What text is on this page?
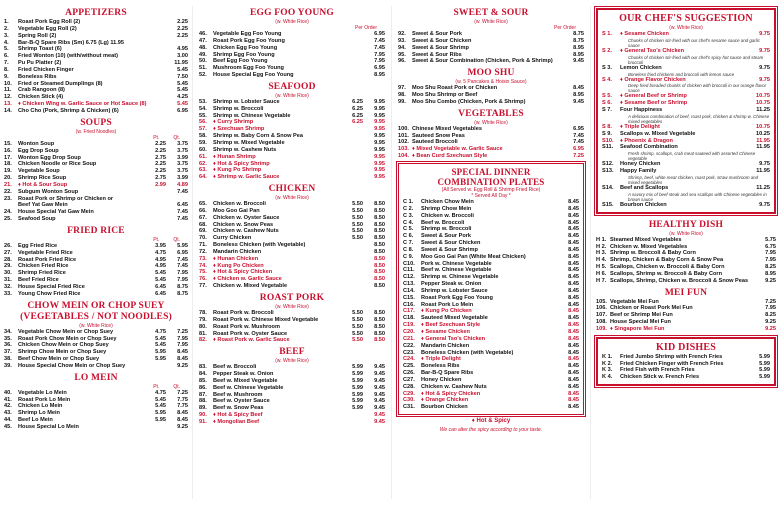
APPETIZERS
1.	Roast Pork Egg Roll (2)	2.25
2.	Vegetable Egg Roll (2)	2.25
3.	Spring Roll (2)	2.25
4.	Bar-B-Q Spare Ribs (Sm) 6.75 (Lg) 11.95
5.	Shrimp Toast (6)	4.95
6.	Fried Wonton (10) (with/without meat)	3.00
7.	Pu Pu Platter (2)	11.95
8.	Fried Chicken Finger	5.45
9.	Boneless Ribs	7.50
10.	Fried or Steamed Dumplings (8)	5.45
11.	Crab Rangoon (8)	5.45
12.	Chicken Stick (4)	4.25
13.	♦ Chicken Wing w. Garlic Sauce or Hot Sauce (8)	5.45
14.	Cho Cho (Pork, Shrimp & Chicken) (6)	6.95
SOUPS
(w. Fried Noodles)
Pt.	Qt.
15.	Wonton Soup	2.25	3.75
16.	Egg Drop Soup	2.25	3.75
17.	Wonton Egg Drop Soup	2.75	3.99
18.	Chicken Noodle or Rice Soup	2.25	3.75
19.	Vegetable Soup	2.25	3.75
20.	Shrimp Rice Soup	2.75	3.99
21.	♦ Hot & Sour Soup	2.99	4.89
22.	Subgum Wonton Soup	7.45
23.	Roast Pork or Shrimp or Chicken or
Beef Yat Gaw Mein	6.45
24.	House Special Yat Gaw Mein	7.45
25.	Seafood Soup	7.45
FRIED RICE
Pt.	Qt.
26.	Egg Fried Rice	3.95	5.95
27.	Vegetable Fried Rice	4.75	6.95
28.	Roast Pork Fried Rice	4.95	7.45
29.	Chicken Fried Rice	4.95	7.45
30.	Shrimp Fried Rice	5.45	7.95
31.	Beef Fried Rice	5.45	7.95
32.	House Special Fried Rice	6.45	8.75
33.	Young Chow Fried Rice	6.45	8.75
CHOW MEIN OR CHOP SUEY
(VEGETABLES / NOT NOODLES)
(w. White Rice)
34.	Vegetable Chow Mein or Chop Suey	4.75	7.25
35.	Roast Pork Chow Mein or Chop Suey	5.45	7.95
36.	Chicken Chow Mein or Chop Suey	5.45	7.95
37.	Shrimp Chow Mein or Chop Suey	5.95	8.45
38.	Beef Chow Mein or Chop Suey	5.95	8.45
39.	House Special Chow Mein or Chop Suey	9.25
LO MEIN
Pt.	Qt.
40.	Vegetable Lo Mein	4.75	7.25
41.	Roast Pork Lo Mein	5.45	7.75
42.	Chicken Lo Mein	5.45	7.75
43.	Shrimp Lo Mein	5.95	8.45
44.	Beef Lo Mein	5.95	8.45
45.	House Special Lo Mein	9.25
EGG FOO YOUNG
(w. White Rice)
Per Order
46.	Vegetable Egg Foo Young	6.95
47.	Roast Pork Egg Foo Young	7.45
48.	Chicken Egg Foo Young	7.45
49.	Shrimp Egg Foo Young	7.95
50.	Beef Egg Foo Young	7.95
51.	Mushroom Egg Foo Young	6.95
52.	House Special Egg Foo Young	8.95
SEAFOOD
(w. White Rice)
53.	Shrimp w. Lobster Sauce	6.25	9.95
54.	Shrimp w. Broccoli	6.25	9.95
55.	Shrimp w. Chinese Vegetable	6.25	9.95
56.	♦ Curry Shrimp	6.25	9.95
57.	♦ Szechuan Shrimp	9.95
58.	Shrimp w. Baby Corn & Snow Pea	9.95
59.	Shrimp w. Mixed Vegetable	9.95
60.	Shrimp w. Cashew Nuts	9.95
61.	♦ Hunan Shrimp	9.95
62.	♦ Hot & Spicy Shrimp	9.95
63.	♦ Kung Po Shrimp	9.95
64.	♦ Shrimp w. Garlic Sauce	9.95
CHICKEN
(w. White Rice)
65.	Chicken w. Broccoli	5.50	8.50
66.	Moo Goo Gai Pan	5.50	8.50
67.	Chicken w. Oyster Sauce	5.50	8.50
68.	Chicken w. Snow Peas	5.50	8.50
69.	Chicken w. Cashew Nuts	5.50	8.50
70.	Curry Chicken	5.50	8.50
71.	Boneless Chicken (with Vegetable)	8.50
72.	Mandarin Chicken	8.50
73.	♦ Hunan Chicken	8.50
74.	♦ Kung Po Chicken	8.50
75.	♦ Hot & Spicy Chicken	8.50
76.	♦ Chicken w. Garlic Sauce	8.50
77.	Chicken w. Mixed Vegetable	8.50
ROAST PORK
(w. White Rice)
78.	Roast Pork w. Broccoli	5.50	8.50
79.	Roast Pork w. Chinese Mixed Vegetable	5.50	8.50
80.	Roast Pork w. Mushroom	5.50	8.50
81.	Roast Pork w. Oyster Sauce	5.50	8.50
82.	♦ Roast Pork w. Garlic Sauce	5.50	8.50
BEEF
(w. White Rice)
83.	Beef w. Broccoli	5.99	9.45
84.	Pepper Steak w. Onion	5.99	9.45
85.	Beef w. Mixed Vegetable	5.99	9.45
86.	Beef w. Chinese Vegetable	5.99	9.45
87.	Beef w. Mushroom	5.99	9.45
88.	Beef w. Oyster Sauce	5.99	9.45
89.	Beef w. Snow Peas	5.99	9.45
90.	♦ Hot & Spicy Beef	9.45
91.	♦ Mongolian Beef	9.45
SWEET & SOUR
(w. White Rice)
Per Order
92.	Sweet & Sour Pork	8.75
93.	Sweet & Sour Chicken	8.75
94.	Sweet & Sour Shrimp	8.95
95.	Sweet & Sour Ribs	8.95
96.	Sweet & Sour Combination (Chicken, Pork & Shrimp)	9.45
MOO SHU
(w. 5 Pancakes & Hoisin Sauce)
97.	Moo Shu Roast Pork or Chicken	8.45
98.	Moo Shu Shrimp or Beef	8.95
99.	Moo Shu Combo (Chicken, Pork & Shrimp)	9.45
VEGETABLES
(w. White Rice)
100. Chinese Mixed Vegetables	6.95
101. Sauteed Snow Peas	7.45
102. Sauteed Broccoli	7.45
103. ♦ Mixed Vegetable w. Garlic Sauce	6.95
104. ♦ Bean Curd Szechuan Style	7.25
SPECIAL DINNER
COMBINATION PLATES
(All Served w. Egg Roll & Shrimp Fried Rice)
* Served All Day *
C 1.	Chicken Chow Mein	8.45
C 2.	Shrimp Chow Mein	8.45
C 3.	Chicken w. Broccoli	8.45
C 4.	Beef w. Broccoli	8.45
C 5.	Shrimp w. Broccoli	8.45
C 6.	Sweet & Sour Pork	8.45
C 7.	Sweet & Sour Chicken	8.45
C 8.	Sweet & Sour Shrimp	8.45
C 9.	Moo Goo Gai Pan (White Meat Chicken)	8.45
C10.	Pork w. Chinese Vegetable	8.45
C11.	Beef w. Chinese Vegetable	8.45
C12.	Shrimp w. Chinese Vegetable	8.45
C13.	Pepper Steak w. Onion	8.45
C14.	Shrimp w. Lobster Sauce	8.45
C15.	Roast Pork Egg Foo Young	8.45
C16.	Roast Pork Lo Mein	8.45
C17.	♦ Kung Po Chicken	8.45
C18.	Sauteed Mixed Vegetable	8.45
C19.	♦ Beef Szechuan Style	8.45
C20.	♦ Sesame Chicken	8.45
C21.	♦ General Tso's Chicken	8.45
C22.	Mandarin Chicken	8.45
C23.	Boneless Chicken (with Vegetable)	8.45
C24.	♦ Triple Delight	8.45
C25.	Boneless Ribs	8.45
C26.	Bar-B-Q Spare Ribs	8.45
C27.	Honey Chicken	8.45
C28.	Chicken w. Cashew Nuts	8.45
C29.	♦ Hot & Spicy Chicken	8.45
C30.	♦ Orange Chicken	8.45
C31.	Bourbon Chicken	8.45
♦ Hot & Spicy
We can alter the spicy according to your taste.
OUR CHEF'S SUGGESTION
(w. White Rice)
S 1.	♦ Sesame Chicken	9.75
Chunks of chicken stir-fried with our chef's sesame sauce and garlic sauce
S 2.	♦ General Tso's Chicken	9.75
Chunks of chicken stir-fried with our chef's spicy hot sauce and steam broccoli
S 3.	Lemon Chicken	9.75
Boneless fried chickens and broccoli with lemon sauce
S 4.	♦ Orange Flavor Chicken	9.75
Deep fried breaded chunks of chicken with broccoli in our orange flavor sauce
S 5.	♦ General Beef or Shrimp	10.75
S 6.	♦ Sesame Beef or Shrimp	10.75
S 7.	Four Happiness	11.25
A delicious combination of beef, roast pork, chicken & shrimp w. Chinese mixed vegetables
S 8.	♦ Triple Delight	10.75
S 9.	Scallops w. Mixed Vegetable	10.25
S10.	♦ Phoenix & Dragon	11.95
S11.	Seafood Combination	11.95
Fresh shrimp, scallops, crab meat sauteed with assorted Chinese vegetable
S12.	Honey Chicken	9.75
S13.	Happy Family	11.95
Shrimp, beef, white meat chicken, roast pork, straw mushroom and mixed vegetables
S14.	Beef and Scallops	11.25
A savory mix of beef steak and sea scallops with Chinese vegetables in brown sauce
S15.	Bourbon Chicken	9.75
HEALTHY DISH
(w. White Rice)
H 1. Steamed Mixed Vegetables	5.75
H 2. Chicken w. Mixed Vegetables	6.75
H 3. Shrimp w. Broccoli & Baby Corn	7.95
H 4. Shrimp, Chicken & Baby Corn & Snow Pea	7.95
H 5. Scallops, Chicken w. Broccoli & Baby Corn	8.25
H 6. Scallops, Shrimp w. Broccoli & Baby Corn	8.95
H 7. Scallops, Shrimp, Chicken w. Broccoli & Snow Peas	9.25
MEI FUN
105. Vegetable Mei Fun	7.25
106. Chicken or Roast Pork Mei Fun	7.95
107. Beef or Shrimp Mei Fun	8.25
108. House Special Mei Fun	9.25
109. ♦ Singapore Mei Fun	9.25
KID DISHES
K 1.	Fried Jumbo Shrimp with French Fries	5.99
K 2.	Fried Chicken Finger with French Fries	5.99
K 3.	Fried Fish with French Fries	5.99
K 4.	Chicken Stick w. French Fries	5.99
